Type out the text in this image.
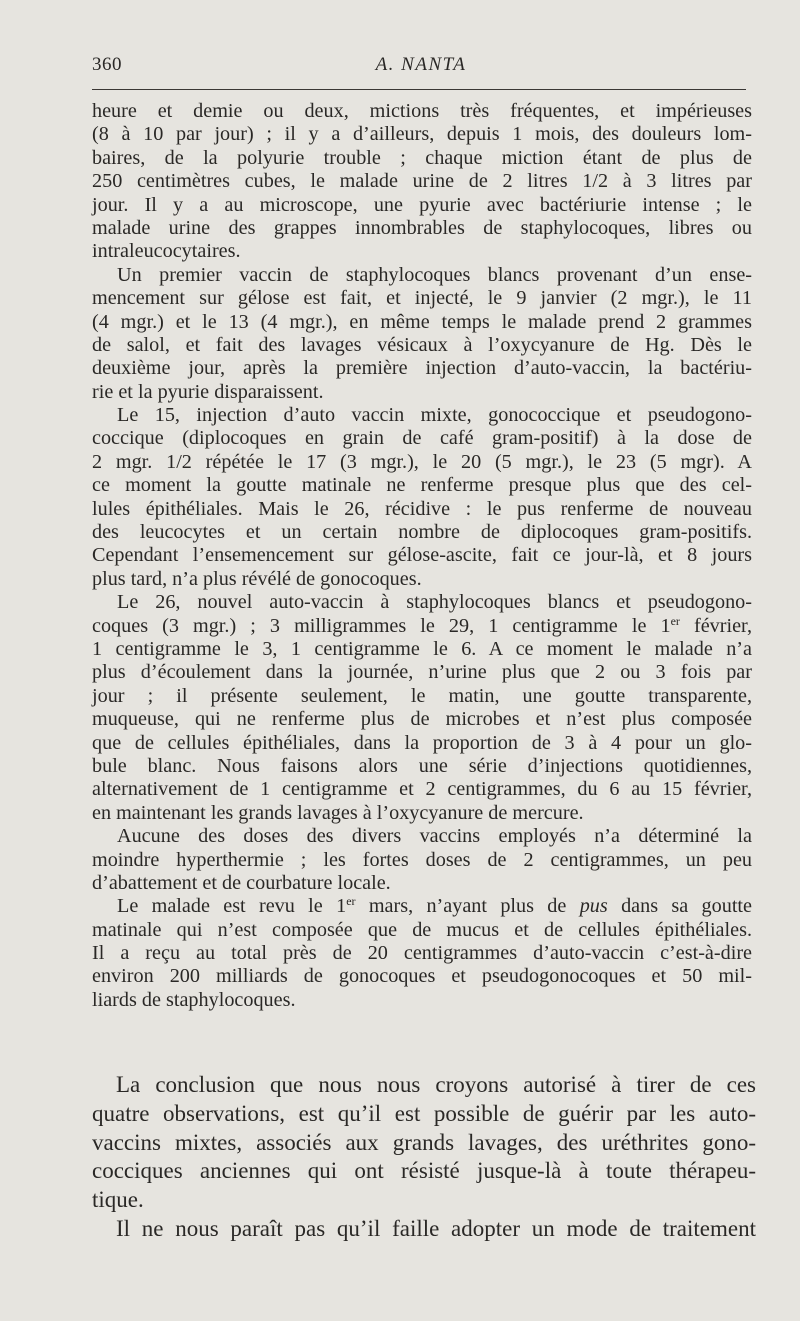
360	A. NANTA
heure et demie ou deux, mictions très fréquentes, et impérieuses
(8 à 10 par jour) ; il y a d’ailleurs, depuis 1 mois, des douleurs lom-
baires, de la polyurie trouble ; chaque miction étant de plus de
250 centimètres cubes, le malade urine de 2 litres 1/2 à 3 litres par
jour. Il y a au microscope, une pyurie avec bactériurie intense ; le
malade urine des grappes innombrables de staphylocoques, libres ou
intraleucocytaires.
Un premier vaccin de staphylocoques blancs provenant d’un ense-
mencement sur gélose est fait, et injecté, le 9 janvier (2 mgr.), le 11
(4 mgr.) et le 13 (4 mgr.), en même temps le malade prend 2 grammes
de salol, et fait des lavages vésicaux à l’oxycyanure de Hg. Dès le
deuxième jour, après la première injection d’auto-vaccin, la bactériu-
rie et la pyurie disparaissent.
Le 15, injection d’auto vaccin mixte, gonococcique et pseudogono-
coccique (diplocoques en grain de café gram-positif) à la dose de
2 mgr. 1/2 répétée le 17 (3 mgr.), le 20 (5 mgr.), le 23 (5 mgr). A
ce moment la goutte matinale ne renferme presque plus que des cel-
lules épithéliales. Mais le 26, récidive : le pus renferme de nouveau
des leucocytes et un certain nombre de diplocoques gram-positifs.
Cependant l’ensemencement sur gélose-ascite, fait ce jour-là, et 8 jours
plus tard, n’a plus révélé de gonocoques.
Le 26, nouvel auto-vaccin à staphylocoques blancs et pseudogono-
coques (3 mgr.) ; 3 milligrammes le 29, 1 centigramme le 1er février,
1 centigramme le 3, 1 centigramme le 6. A ce moment le malade n’a
plus d’écoulement dans la journée, n’urine plus que 2 ou 3 fois par
jour ; il présente seulement, le matin, une goutte transparente,
muqueuse, qui ne renferme plus de microbes et n’est plus composée
que de cellules épithéliales, dans la proportion de 3 à 4 pour un glo-
bule blanc. Nous faisons alors une série d’injections quotidiennes,
alternativement de 1 centigramme et 2 centigrammes, du 6 au 15 février,
en maintenant les grands lavages à l’oxycyanure de mercure.
Aucune des doses des divers vaccins employés n’a déterminé la
moindre hyperthermie ; les fortes doses de 2 centigrammes, un peu
d’abattement et de courbature locale.
Le malade est revu le 1er mars, n’ayant plus de pus dans sa goutte
matinale qui n’est composée que de mucus et de cellules épithéliales.
Il a reçu au total près de 20 centigrammes d’auto-vaccin c’est-à-dire
environ 200 milliards de gonocoques et pseudogonocoques et 50 mil-
liards de staphylocoques.
La conclusion que nous nous croyons autorisé à tirer de ces
quatre observations, est qu’il est possible de guérir par les auto-
vaccins mixtes, associés aux grands lavages, des uréthrites gono-
cocciques anciennes qui ont résisté jusque-là à toute thérapeu-
tique.
Il ne nous paraît pas qu’il faille adopter un mode de traitement
